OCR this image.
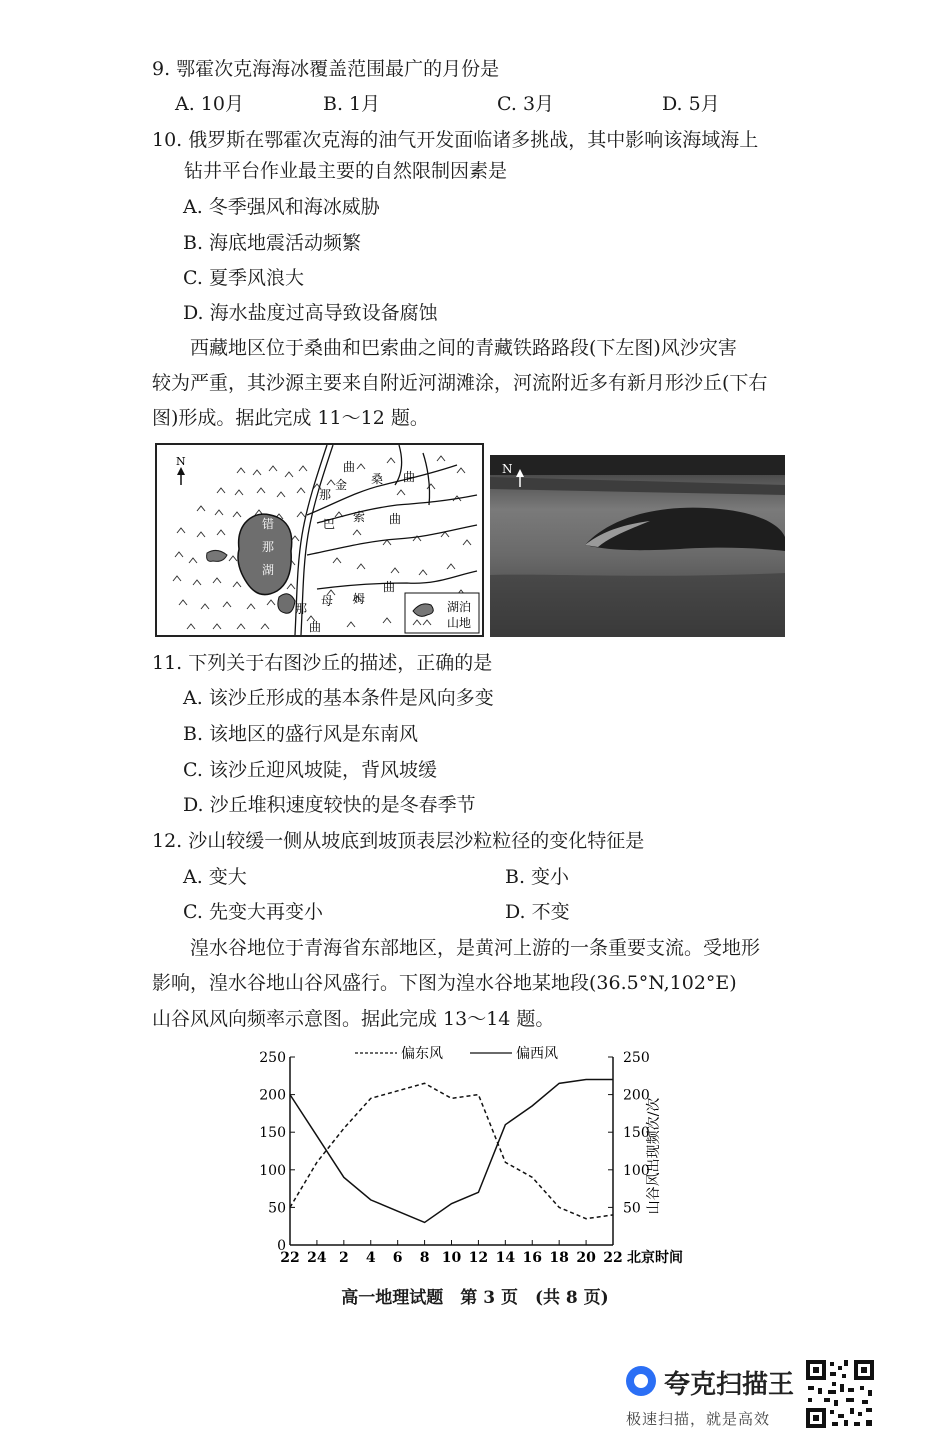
9. 鄂霍次克海海冰覆盖范围最广的月份是
A. 10月	B. 1月	C. 3月	D. 5月
10. 俄罗斯在鄂霍次克海的油气开发面临诸多挑战，其中影响该海域海上
钻井平台作业最主要的自然限制因素是
A. 冬季强风和海冰威胁
B. 海底地震活动频繁
C. 夏季风浪大
D. 海水盐度过高导致设备腐蚀
西藏地区位于桑曲和巴索曲之间的青藏铁路路段(下左图)风沙灾害
较为严重，其沙源主要来自附近河湖滩涂，河流附近多有新月形沙丘(下右
图)形成。据此完成 11～12 题。
N
错
那
湖
曲
桑 曲
金
那
巴 索 曲
母 姆
曲
那
曲
湖泊
山地
N
11. 下列关于右图沙丘的描述，正确的是
A. 该沙丘形成的基本条件是风向多变
B. 该地区的盛行风是东南风
C. 该沙丘迎风坡陡，背风坡缓
D. 沙丘堆积速度较快的是冬春季节
12. 沙山较缓一侧从坡底到坡顶表层沙粒粒径的变化特征是
A. 变大	B. 变小
C. 先变大再变小	D. 不变
湟水谷地位于青海省东部地区，是黄河上游的一条重要支流。受地形
影响，湟水谷地山谷风盛行。下图为湟水谷地某地段(36.5°N,102°E)
山谷风风向频率示意图。据此完成 13～14 题。
0
50	50
100	100
150	150
200	200
250	250
22 24 2 4 6 8 10 12 14 16 18 20 22 北京时间
山谷风出现频次/次
偏东风	偏西风
高一地理试题　第 3 页　(共 8 页)
夸克扫描王
极速扫描，就是高效
